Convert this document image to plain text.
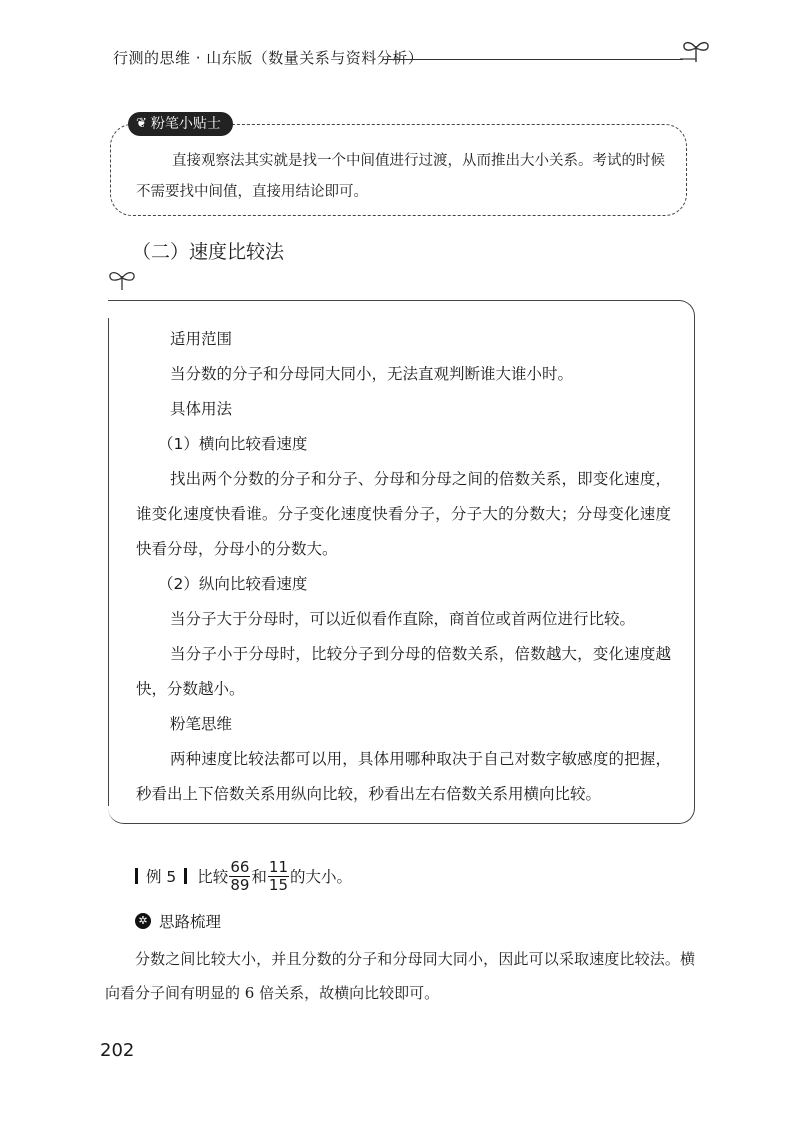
行测的思维 · 山东版（数量关系与资料分析）
❦ 粉笔小贴士
直接观察法其实就是找一个中间值进行过渡，从而推出大小关系。考试的时候不需要找中间值，直接用结论即可。
（二）速度比较法
适用范围
当分数的分子和分母同大同小，无法直观判断谁大谁小时。
具体用法
（1）横向比较看速度
找出两个分数的分子和分子、分母和分母之间的倍数关系，即变化速度，谁变化速度快看谁。分子变化速度快看分子，分子大的分数大；分母变化速度快看分母，分母小的分数大。
（2）纵向比较看速度
当分子大于分母时，可以近似看作直除，商首位或首两位进行比较。
当分子小于分母时，比较分子到分母的倍数关系，倍数越大，变化速度越快，分数越小。
粉笔思维
两种速度比较法都可以用，具体用哪种取决于自己对数字敏感度的把握，秒看出上下倍数关系用纵向比较，秒看出左右倍数关系用横向比较。
例 5 比较 $\frac{66}{89}$ 和 $\frac{11}{15}$ 的大小。
✲ 思路梳理
分数之间比较大小，并且分数的分子和分母同大同小，因此可以采取速度比较法。横向看分子间有明显的 6 倍关系，故横向比较即可。
202
